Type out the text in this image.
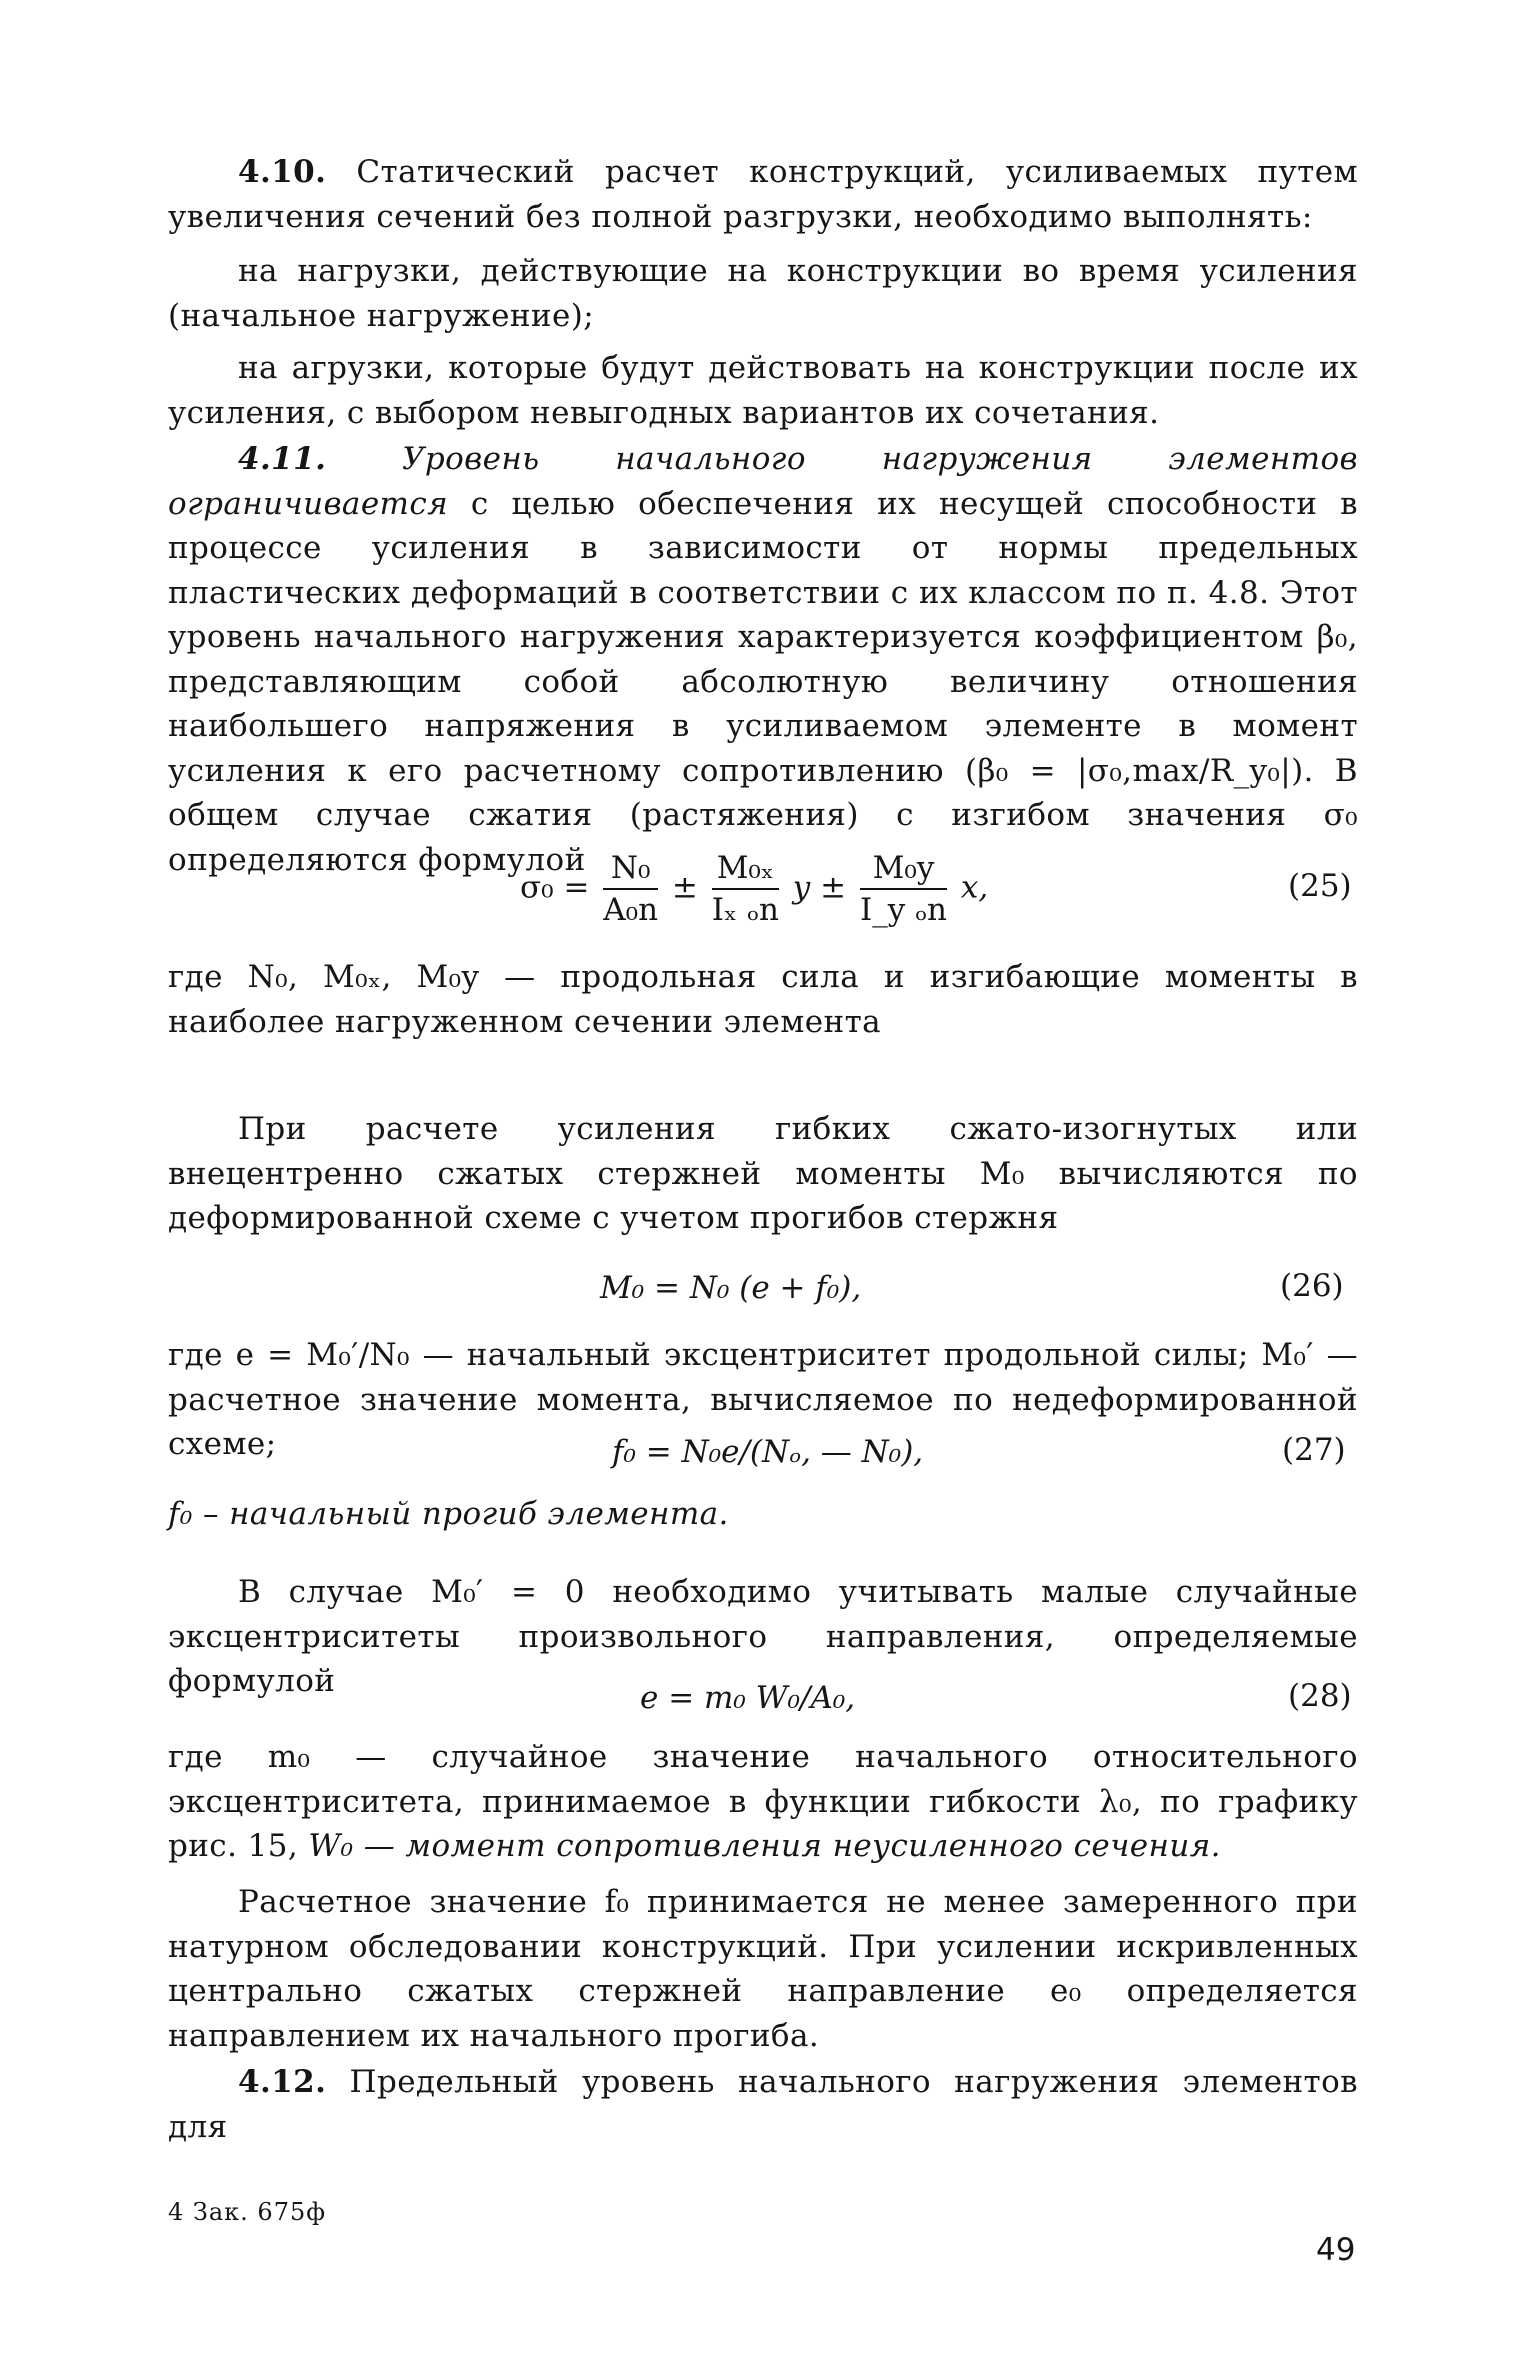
4.10. Статический расчет конструкций, усиливаемых путем увеличения сечений без полной разгрузки, необходимо выполнять:

на нагрузки, действующие на конструкции во время усиления (начальное нагружение);

на агрузки, которые будут действовать на конструкции после их усиления, с выбором невыгодных вариантов их сочетания.

4.11. Уровень начального нагружения элементов ограничивается с целью обеспечения их несущей способности в процессе усиления в зависимости от нормы предельных пластических деформаций в соответствии с их классом по п. 4.8. Этот уровень начального нагружения характеризуется коэффициентом β₀, представляющим собой абсолютную величину отношения наибольшего напряжения в усиливаемом элементе в момент усиления к его расчетному сопротивлению (β₀ = |σ₀,max/R_y₀|). В общем случае сжатия (растяжения) с изгибом значения σ₀ определяются формулой

$\sigma_0 = \frac{\text{N₀}}{\text{A₀n}} \pm \frac{\text{M₀ₓ}}{\text{Iₓ ₒn}}$ $y \pm \frac{\text{M₀y}}{\text{I\_y ₒn}} x$,	(25)

где N₀, M₀ₓ, M₀y — продольная сила и изгибающие моменты в наиболее нагруженном сечении элемента

При расчете усиления гибких сжато-изогнутых или внецентренно сжатых стержней моменты M₀ вычисляются по деформированной схеме с учетом прогибов стержня

M₀ = N₀ (e + f₀),	(26)

где e = M₀′/N₀ — начальный эксцентриситет продольной силы; M₀′ — расчетное значение момента, вычисляемое по недеформированной схеме;	f₀ = N₀e/(Nₒ, — N₀),	(27)

f₀ – начальный прогиб элемента.

В случае M₀′ = 0 необходимо учитывать малые случайные эксцентриситеты произвольного направления, определяемые формулой	e = m₀ W₀/A₀,	(28)

где m₀ — случайное значение начального относительного эксцентриситета, принимаемое в функции гибкости λ₀, по графику рис. 15, W₀ — момент сопротивления неусиленного сечения.

Расчетное значение f₀ принимается не менее замеренного при натурном обследовании конструкций. При усилении искривленных центрально сжатых стержней направление e₀ определяется направлением их начального прогиба.

4.12. Предельный уровень начального нагружения элементов для

4 Зак. 675ф
49
